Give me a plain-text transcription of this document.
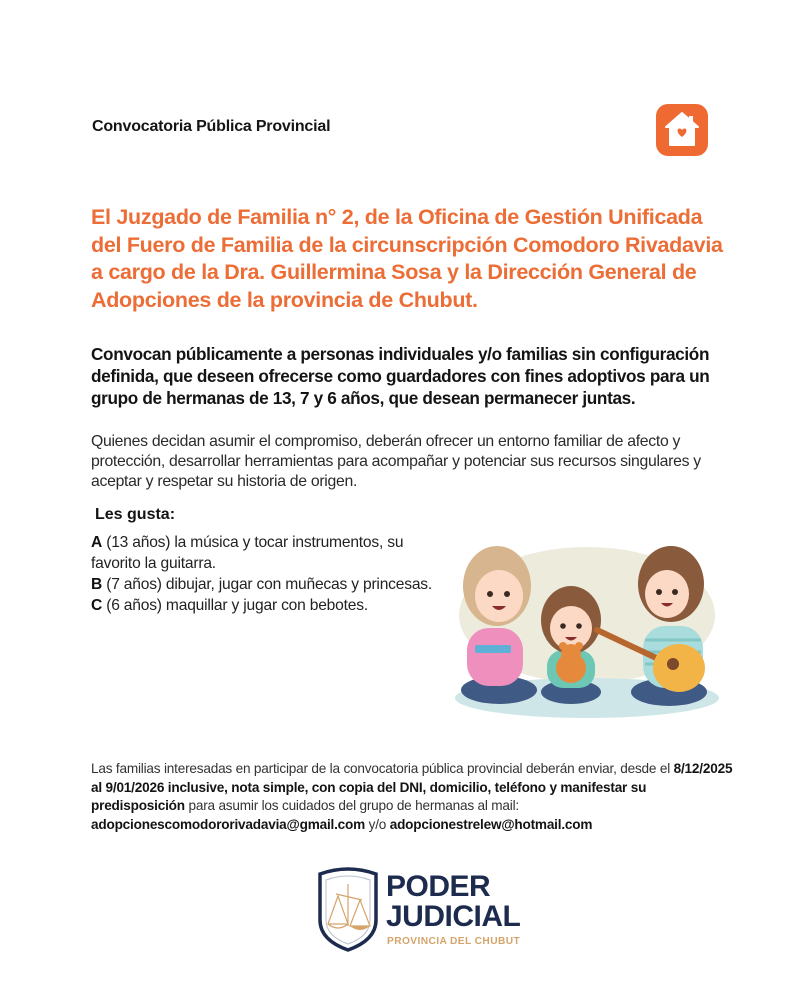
Convocatoria Pública Provincial

El Juzgado de Familia n° 2, de la Oficina de Gestión Unificada del Fuero de Familia de la circunscripción Comodoro Rivadavia a cargo de la Dra. Guillermina Sosa y la Dirección General de Adopciones de la provincia de Chubut.

Convocan públicamente a personas individuales y/o familias sin configuración definida, que deseen ofrecerse como guardadores con fines adoptivos para un grupo de hermanas de 13, 7 y 6 años, que desean permanecer juntas.

Quienes decidan asumir el compromiso, deberán ofrecer un entorno familiar de afecto y protección, desarrollar herramientas para acompañar y potenciar sus recursos singulares y aceptar y respetar su historia de origen.

Les gusta:

A (13 años) la música y tocar instrumentos, su favorito la guitarra.

B (7 años) dibujar, jugar con muñecas y princesas.

C (6 años) maquillar y jugar con bebotes.

Las familias interesadas en participar de la convocatoria pública provincial deberán enviar, desde el 8/12/2025 al 9/01/2026 inclusive, nota simple, con copia del DNI, domicilio, teléfono y manifestar su predisposición para asumir los cuidados del grupo de hermanas al mail: adopcionescomodororivadavia@gmail.com y/o adopcionestrelew@hotmail.com

PODER
JUDICIAL
PROVINCIA DEL CHUBUT
